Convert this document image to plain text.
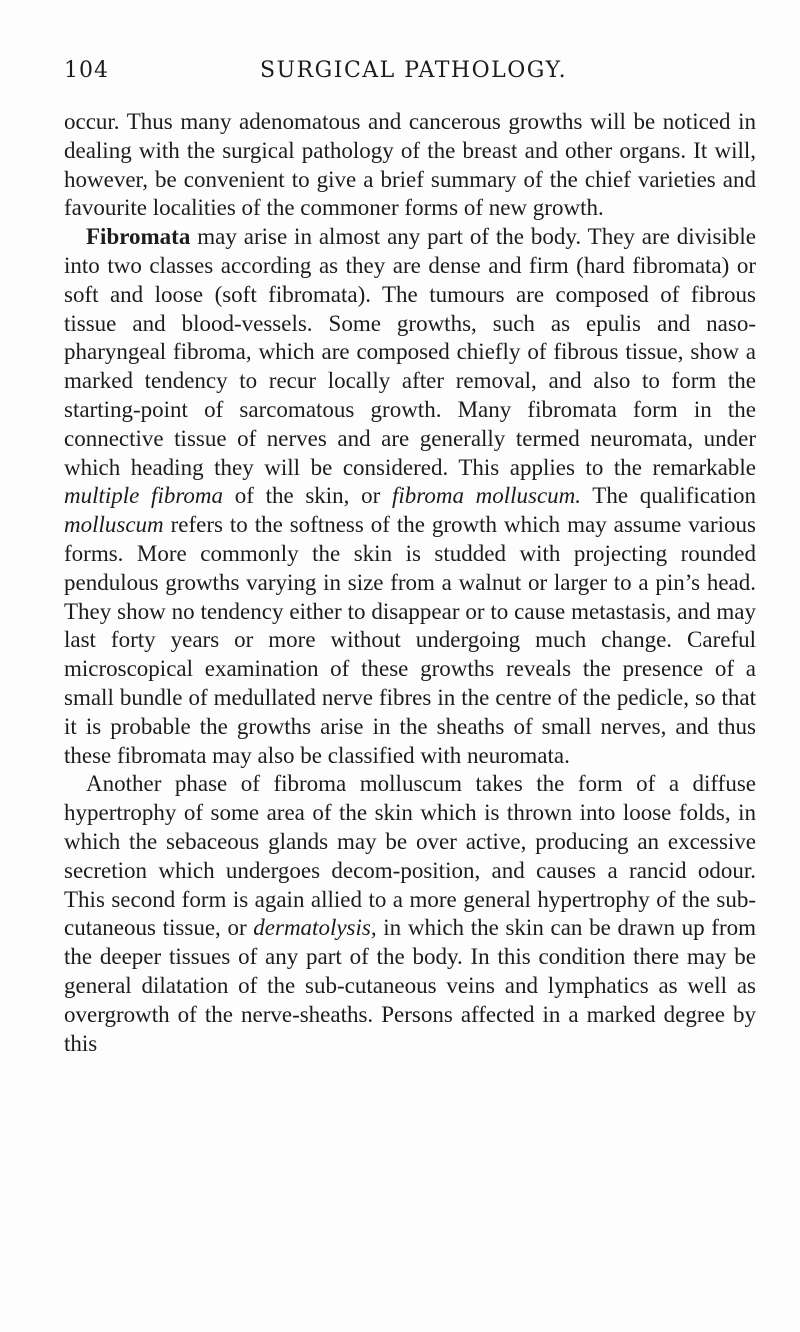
104	SURGICAL PATHOLOGY.

occur. Thus many adenomatous and cancerous growths will be noticed in dealing with the surgical pathology of the breast and other organs. It will, however, be convenient to give a brief summary of the chief varieties and favourite localities of the commoner forms of new growth.

Fibromata may arise in almost any part of the body. They are divisible into two classes according as they are dense and firm (hard fibromata) or soft and loose (soft fibromata). The tumours are composed of fibrous tissue and blood-vessels. Some growths, such as epulis and naso-pharyngeal fibroma, which are composed chiefly of fibrous tissue, show a marked tendency to recur locally after removal, and also to form the starting-point of sarcomatous growth. Many fibromata form in the connective tissue of nerves and are generally termed neuromata, under which heading they will be considered. This applies to the remarkable multiple fibroma of the skin, or fibroma molluscum. The qualification molluscum refers to the softness of the growth which may assume various forms. More commonly the skin is studded with projecting rounded pendulous growths varying in size from a walnut or larger to a pin’s head. They show no tendency either to disappear or to cause metastasis, and may last forty years or more without undergoing much change. Careful microscopical examination of these growths reveals the presence of a small bundle of medullated nerve fibres in the centre of the pedicle, so that it is probable the growths arise in the sheaths of small nerves, and thus these fibromata may also be classified with neuromata.

Another phase of fibroma molluscum takes the form of a diffuse hypertrophy of some area of the skin which is thrown into loose folds, in which the sebaceous glands may be over active, producing an excessive secretion which undergoes decom-position, and causes a rancid odour. This second form is again allied to a more general hypertrophy of the sub-cutaneous tissue, or dermatolysis, in which the skin can be drawn up from the deeper tissues of any part of the body. In this condition there may be general dilatation of the sub-cutaneous veins and lymphatics as well as overgrowth of the nerve-sheaths. Persons affected in a marked degree by this
